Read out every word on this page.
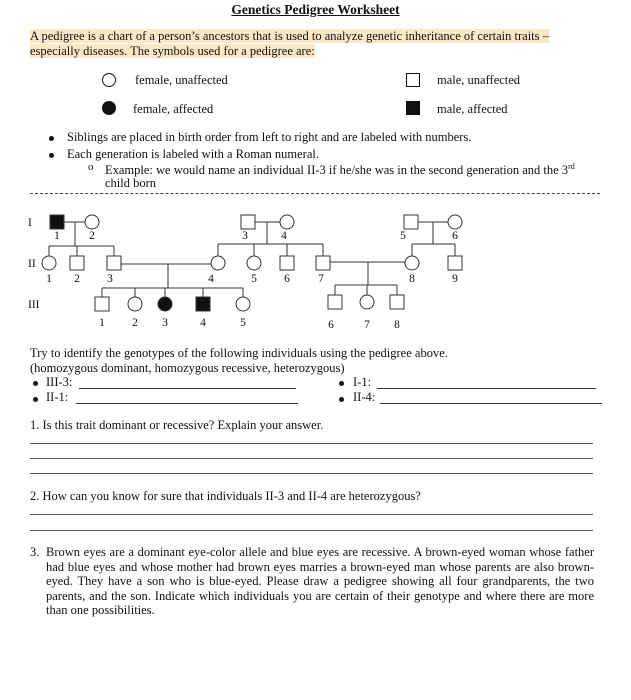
Genetics Pedigree Worksheet
A pedigree is a chart of a person’s ancestors that is used to analyze genetic inheritance of certain traits –
especially diseases. The symbols used for a pedigree are:
female, unaffected
female, affected
male, unaffected
male, affected
Siblings are placed in birth order from left to right and are labeled with numbers.
Each generation is labeled with a Roman numeral.
o Example: we would name an individual II-3 if he/she was in the second generation and the 3rd
child born
I
II
III
1	2	3	4	5	6
1 2 3	4	5 6 7	8	9
1 2 3	4	5	6	7 8
Try to identify the genotypes of the following individuals using the pedigree above.
(homozygous dominant, homozygous recessive, heterozygous)
III-3:	I-1:
II-1:	II-4:
1. Is this trait dominant or recessive? Explain your answer.
2. How can you know for sure that individuals II-3 and II-4 are heterozygous?
3. Brown eyes are a dominant eye-color allele and blue eyes are recessive. A brown-eyed woman whose father had blue eyes and whose mother had brown eyes marries a brown-eyed man whose parents are also brown-eyed. They have a son who is blue-eyed. Please draw a pedigree showing all four grandparents, the two parents, and the son. Indicate which individuals you are certain of their genotype and where there are more than one possibilities.
